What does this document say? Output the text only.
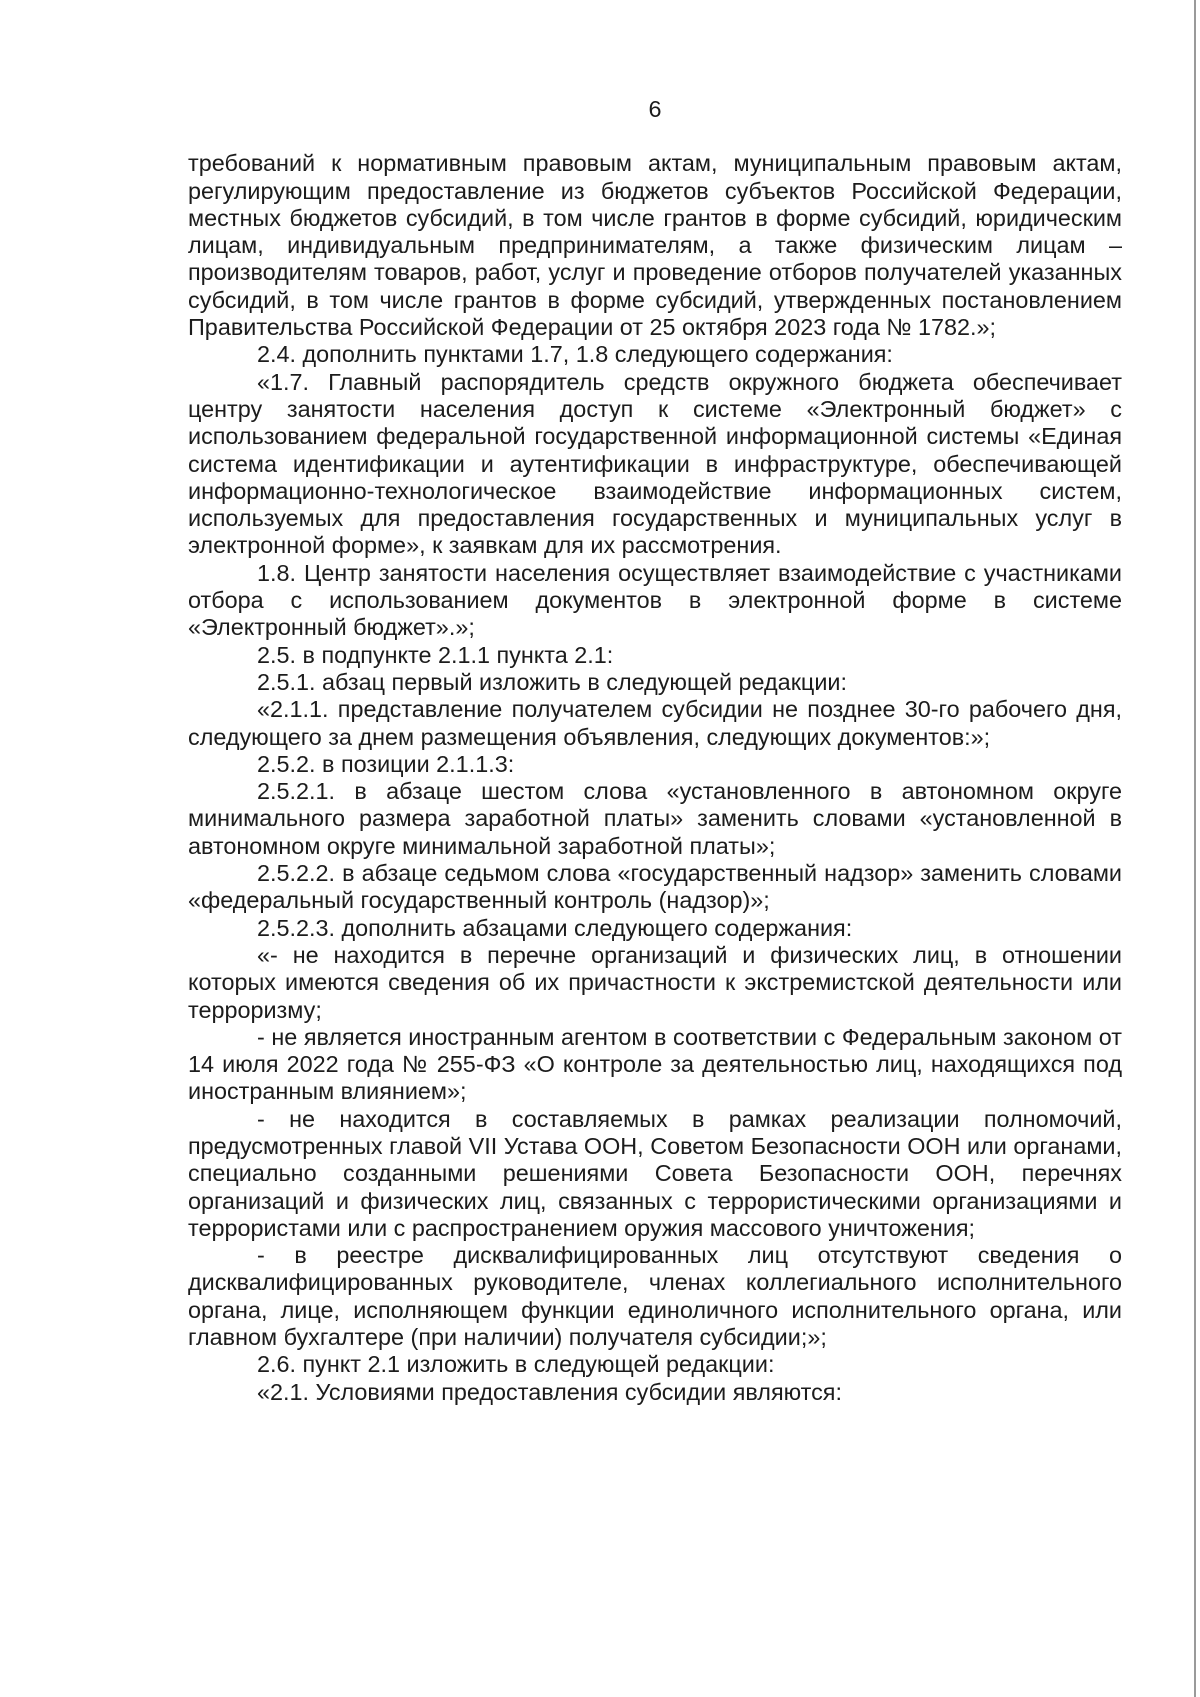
6

требований к нормативным правовым актам, муниципальным правовым актам, регулирующим предоставление из бюджетов субъектов Российской Федерации, местных бюджетов субсидий, в том числе грантов в форме субсидий, юридическим лицам, индивидуальным предпринимателям, а также физическим лицам – производителям товаров, работ, услуг и проведение отборов получателей указанных субсидий, в том числе грантов в форме субсидий, утвержденных постановлением Правительства Российской Федерации от 25 октября 2023 года № 1782.»;

2.4. дополнить пунктами 1.7, 1.8 следующего содержания:

«1.7. Главный распорядитель средств окружного бюджета обеспечивает центру занятости населения доступ к системе «Электронный бюджет» с использованием федеральной государственной информационной системы «Единая система идентификации и аутентификации в инфраструктуре, обеспечивающей информационно-технологическое взаимодействие информационных систем, используемых для предоставления государственных и муниципальных услуг в электронной форме», к заявкам для их рассмотрения.

1.8. Центр занятости населения осуществляет взаимодействие с участниками отбора с использованием документов в электронной форме в системе «Электронный бюджет».»;

2.5. в подпункте 2.1.1 пункта 2.1:

2.5.1. абзац первый изложить в следующей редакции:

«2.1.1. представление получателем субсидии не позднее 30-го рабочего дня, следующего за днем размещения объявления, следующих документов:»;

2.5.2. в позиции 2.1.1.3:

2.5.2.1. в абзаце шестом слова «установленного в автономном округе минимального размера заработной платы» заменить словами «установленной в автономном округе минимальной заработной платы»;

2.5.2.2. в абзаце седьмом слова «государственный надзор» заменить словами «федеральный государственный контроль (надзор)»;

2.5.2.3. дополнить абзацами следующего содержания:

«- не находится в перечне организаций и физических лиц, в отношении которых имеются сведения об их причастности к экстремистской деятельности или терроризму;

- не является иностранным агентом в соответствии с Федеральным законом от 14 июля 2022 года № 255-ФЗ «О контроле за деятельностью лиц, находящихся под иностранным влиянием»;

- не находится в составляемых в рамках реализации полномочий, предусмотренных главой VII Устава ООН, Советом Безопасности ООН или органами, специально созданными решениями Совета Безопасности ООН, перечнях организаций и физических лиц, связанных с террористическими организациями и террористами или с распространением оружия массового уничтожения;

- в реестре дисквалифицированных лиц отсутствуют сведения о дисквалифицированных руководителе, членах коллегиального исполнительного органа, лице, исполняющем функции единоличного исполнительного органа, или главном бухгалтере (при наличии) получателя субсидии;»;

2.6. пункт 2.1 изложить в следующей редакции:

«2.1. Условиями предоставления субсидии являются:
